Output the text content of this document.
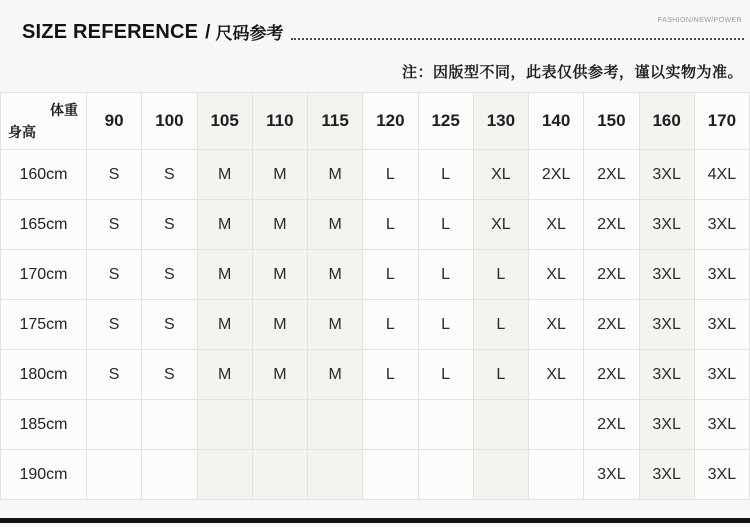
SIZE REFERENCE / 尺码参考
FASHION/NEW/POWER
注：因版型不同，此表仅供参考，谨以实物为准。
体重
身高	90	100	105	110	115	120	125	130	140	150	160	170
160cm	S	S	M	M	M	L	L	XL	2XL	2XL	3XL	4XL
165cm	S	S	M	M	M	L	L	XL	XL	2XL	3XL	3XL
170cm	S	S	M	M	M	L	L	L	XL	2XL	3XL	3XL
175cm	S	S	M	M	M	L	L	L	XL	2XL	3XL	3XL
180cm	S	S	M	M	M	L	L	L	XL	2XL	3XL	3XL
185cm										2XL	3XL	3XL
190cm										3XL	3XL	3XL
